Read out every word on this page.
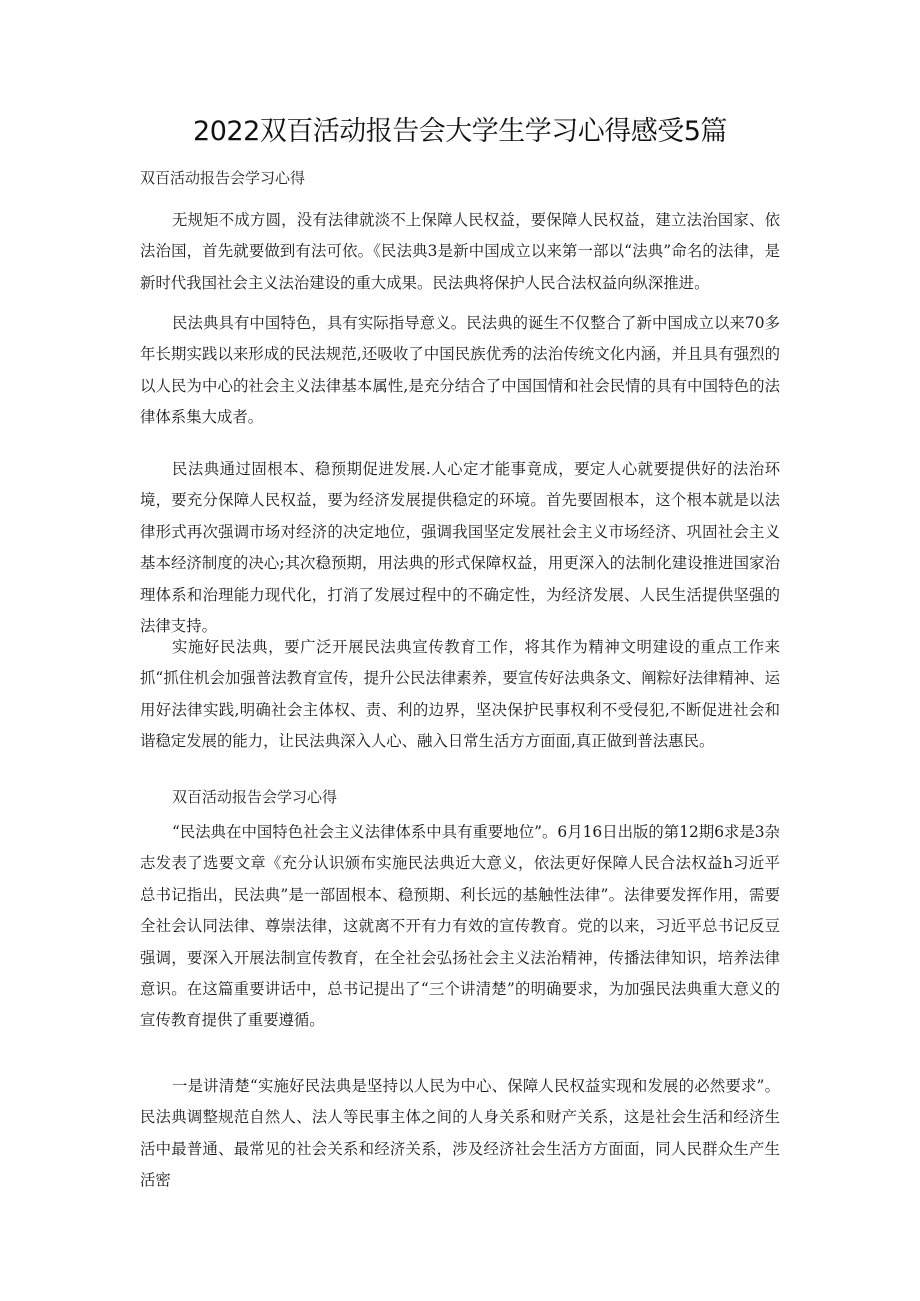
2022双百活动报告会大学生学习心得感受5篇

双百活动报告会学习心得

无规矩不成方圆，没有法律就淡不上保障人民权益，要保障人民权益，建立法治国家、依法治国，首先就要做到有法可依。《民法典3是新中国成立以来第一部以“法典”命名的法律，是新时代我国社会主义法治建设的重大成果。民法典将保护人民合法权益向纵深推进。

民法典具有中国特色，具有实际指导意义。民法典的诞生不仅整合了新中国成立以来70多年长期实践以来形成的民法规范,还吸收了中国民族优秀的法治传统文化内涵，并且具有强烈的以人民为中心的社会主义法律基本属性,是充分结合了中国国情和社会民情的具有中国特色的法律体系集大成者。

民法典通过固根本、稳预期促进发展.人心定才能事竟成，要定人心就要提供好的法治环境，要充分保障人民权益，要为经济发展提供稳定的环境。首先要固根本，这个根本就是以法律形式再次强调市场对经济的决定地位，强调我国坚定发展社会主义市场经济、巩固社会主义基本经济制度的决心;其次稳预期，用法典的形式保障权益，用更深入的法制化建设推进国家治理体系和治理能力现代化，打消了发展过程中的不确定性，为经济发展、人民生活提供坚强的法律支持。

实施好民法典，要广泛开展民法典宣传教育工作，将其作为精神文明建设的重点工作来抓“抓住机会加强普法教育宣传，提升公民法律素养，要宣传好法典条文、阐粽好法律精神、运用好法律实践,明确社会主体权、责、利的边界，坚决保护民事权利不受侵犯,不断促进社会和谐稳定发展的能力，让民法典深入人心、融入日常生活方方面面,真正做到普法惠民。

双百活动报告会学习心得

“民法典在中国特色社会主义法律体系中具有重要地位”。6月16日出版的第12期6求是3杂志发表了选要文章《充分认识颁布实施民法典近大意义，依法更好保障人民合法权益h习近平总书记指出，民法典”是一部固根本、稳预期、利长远的基触性法律”。法律要发挥作用，需要全社会认同法律、尊崇法律，这就离不开有力有效的宣传教育。党的以来，习近平总书记反豆强调，要深入开展法制宣传教育，在全社会弘扬社会主义法治精神，传播法律知识，培养法律意识。在这篇重要讲话中，总书记提出了“三个讲清楚”的明确要求，为加强民法典重大意义的宣传教育提供了重要遵循。

一是讲清楚“实施好民法典是坚持以人民为中心、保障人民权益实现和发展的必然要求”。民法典调整规范自然人、法人等民事主体之间的人身关系和财产关系，这是社会生活和经济生活中最普通、最常见的社会关系和经济关系，涉及经济社会生活方方面面，同人民群众生产生活密
